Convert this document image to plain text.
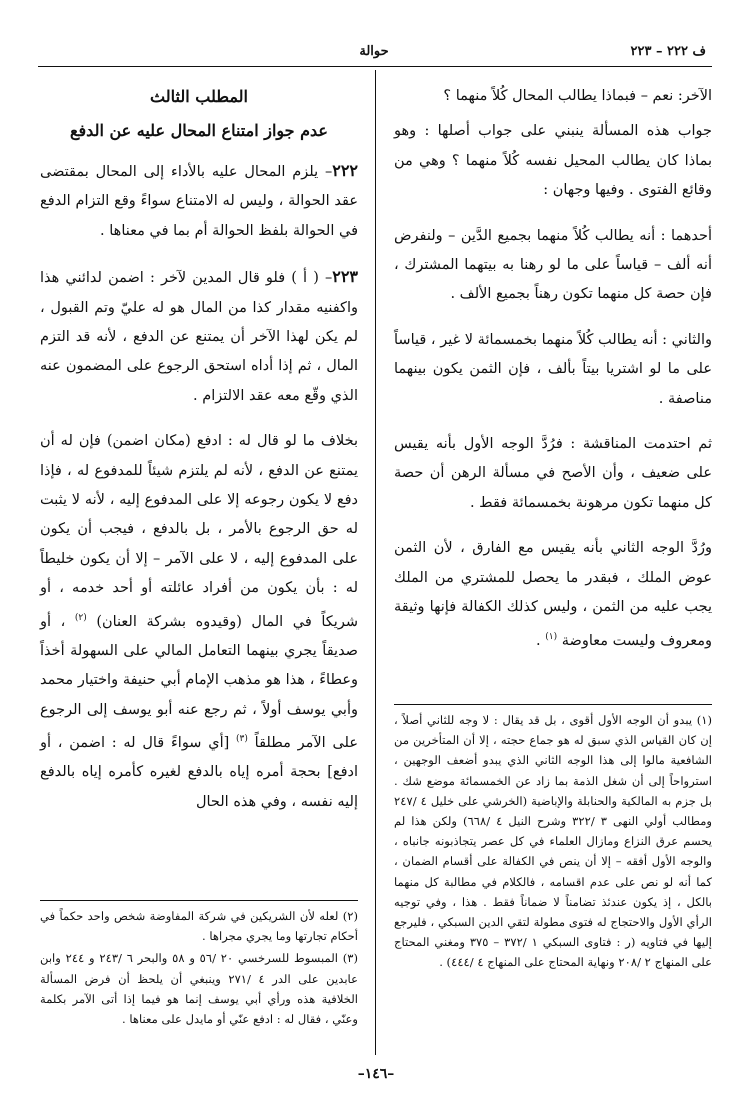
ف ٢٢٢ – ٢٢٣
حوالة

الآخر: نعم – فبماذا يطالب المحال كُلاً منهما ؟

جواب هذه المسألة ينبني على جواب أصلها : وهو بماذا كان يطالب المحيل نفسه كُلاً منهما ؟ وهي من وقائع الفتوى . وفيها وجهان :

أحدهما : أنه يطالب كُلاً منهما بجميع الدَّين – ولنفرض أنه ألف – قياساً على ما لو رهنا به بيتهما المشترك ، فإن حصة كل منهما تكون رهناً بجميع الألف .

والثاني : أنه يطالب كُلاً منهما بخمسمائة لا غير ، قياساً على ما لو اشتريا بيتاً بألف ، فإن الثمن يكون بينهما مناصفة .

ثم احتدمت المناقشة : فرُدَّ الوجه الأول بأنه يقيس على ضعيف ، وأن الأصح في مسألة الرهن أن حصة كل منهما تكون مرهونة بخمسمائة فقط .

ورُدَّ الوجه الثاني بأنه يقيس مع الفارق ، لأن الثمن عوض الملك ، فبقدر ما يحصل للمشتري من الملك يجب عليه من الثمن ، وليس كذلك الكفالة فإنها وثيقة ومعروف وليست معاوضة $^{(١)}$ .

المطلب الثالث
عدم جواز امتناع المحال عليه عن الدفع

٢٢٢– يلزم المحال عليه بالأداء إلى المحال بمقتضى عقد الحوالة ، وليس له الامتناع سواءً وقع التزام الدفع في الحوالة بلفظ الحوالة أم بما في معناها .

٢٢٣– ( أ ) فلو قال المدين لآخر : اضمن لدائني هذا واكفنيه مقدار كذا من المال هو له عليّ وتم القبول ، لم يكن لهذا الآخر أن يمتنع عن الدفع ، لأنه قد التزم المال ، ثم إذا أداه استحق الرجوع على المضمون عنه الذي وقّع معه عقد الالتزام .

بخلاف ما لو قال له : ادفع (مكان اضمن) فإن له أن يمتنع عن الدفع ، لأنه لم يلتزم شيئاً للمدفوع له ، فإذا دفع لا يكون رجوعه إلا على المدفوع إليه ، لأنه لا يثبت له حق الرجوع بالأمر ، بل بالدفع ، فيجب أن يكون على المدفوع إليه ، لا على الآمر – إلا أن يكون خليطاً له : بأن يكون من أفراد عائلته أو أحد خدمه ، أو شريكاً في المال (وقيدوه بشركة العنان) $^{(٢)}$ ، أو صديقاً يجري بينهما التعامل المالي على السهولة أخذاً وعطاءً ، هذا هو مذهب الإمام أبي حنيفة واختيار محمد وأبي يوسف أولاً ، ثم رجع عنه أبو يوسف إلى الرجوع على الآمر مطلقاً $^{(٣)}$ [أي سواءً قال له : اضمن ، أو ادفع] بحجة أمره إياه بالدفع لغيره كأمره إياه بالدفع إليه نفسه ، وفي هذه الحال

(١) يبدو أن الوجه الأول أقوى ، بل قد يقال : لا وجه للثاني أصلاً ، إن كان القياس الذي سبق له هو جماع حجته ، إلا أن المتأخرين من الشافعية مالوا إلى هذا الوجه الثاني الذي يبدو أضعف الوجهين ، استرواحاً إلى أن شغل الذمة بما زاد عن الخمسمائة موضع شك . بل جزم به المالكية والحنابلة والإباضية (الخرشي على خليل ٤ /٢٤٧ ومطالب أولي النهى ٣ /٣٢٢ وشرح النيل ٤ /٦٦٨) ولكن هذا لم يحسم عرق النزاع ومازال العلماء في كل عصر يتجاذبونه جانباه ، والوجه الأول أفقه – إلا أن ينص في الكفالة على أقسام الضمان ، كما أنه لو نص على عدم اقسامه ، فالكلام في مطالبة كل منهما بالكل ، إذ يكون عندئذ تضامناً لا ضماناً فقط . هذا ، وفي توجيه الرأي الأول والاحتجاج له فتوى مطولة لتقي الدين السبكي ، فليرجع إليها في فتاويه (ر : فتاوى السبكي ١ /٣٧٢ – ٣٧٥ ومغني المحتاج على المنهاج ٢ /٢٠٨ ونهاية المحتاج على المنهاج ٤ /٤٤٤) .

(٢) لعله لأن الشريكين في شركة المفاوضة شخص واحد حكماً في أحكام تجارتها وما يجري مجراها .

(٣) المبسوط للسرخسي ٢٠ /٥٦ و ٥٨ والبحر ٦ /٢٤٣ و ٢٤٤ وابن عابدين على الدر ٤ /٢٧١ وينبغي أن يلحظ أن فرض المسألة الخلافية هذه ورأي أبي يوسف إنما هو فيما إذا أتى الآمر بكلمة وعنّي ، فقال له : ادفع عنّي أو مايدل على معناها .

–١٤٦–
